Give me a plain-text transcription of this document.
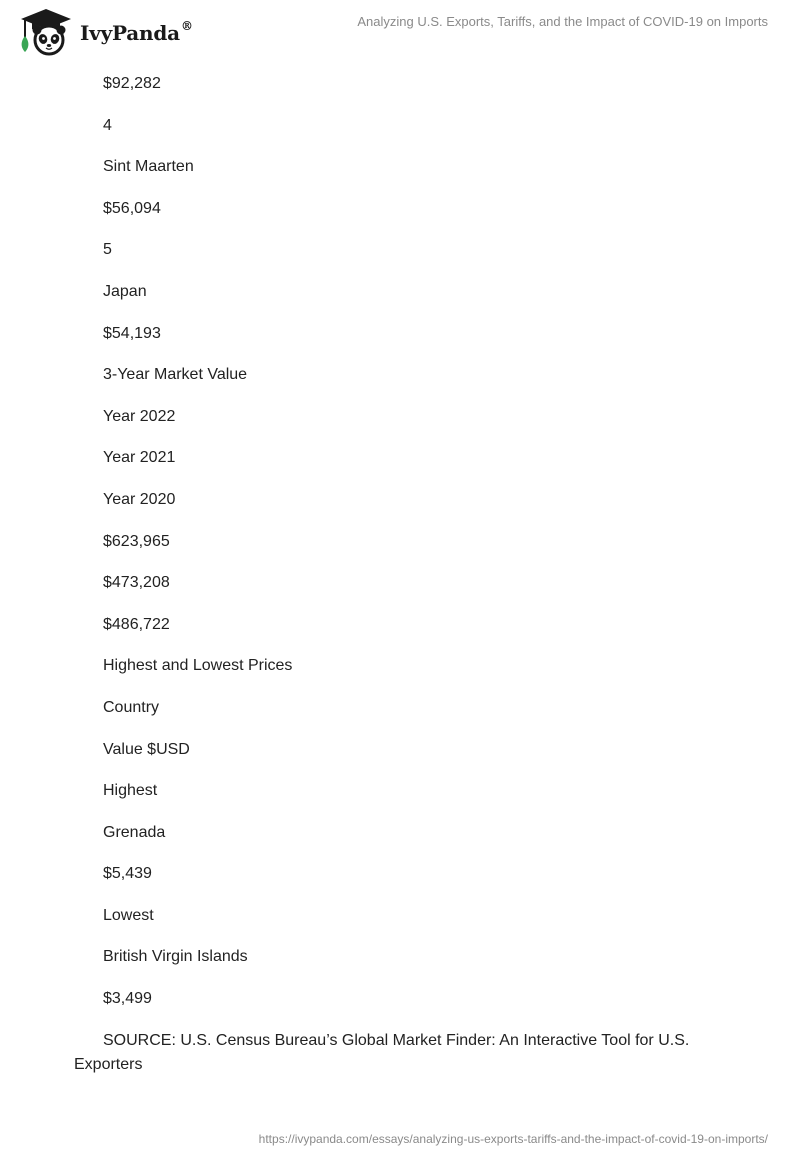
IvyPanda®	Analyzing U.S. Exports, Tariffs, and the Impact of COVID-19 on Imports
$92,282
4
Sint Maarten
$56,094
5
Japan
$54,193
3-Year Market Value
Year 2022
Year 2021
Year 2020
$623,965
$473,208
$486,722
Highest and Lowest Prices
Country
Value $USD
Highest
Grenada
$5,439
Lowest
British Virgin Islands
$3,499

SOURCE: U.S. Census Bureau’s Global Market Finder: An Interactive Tool for U.S. Exporters

https://ivypanda.com/essays/analyzing-us-exports-tariffs-and-the-impact-of-covid-19-on-imports/
